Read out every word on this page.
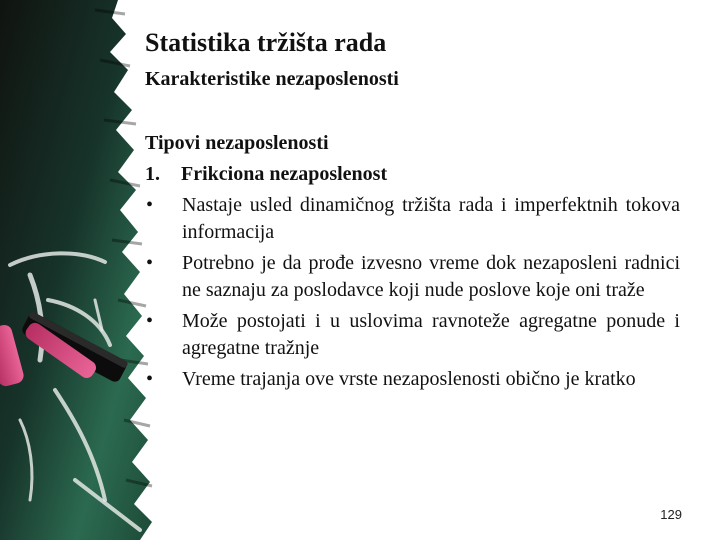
Statistika tržišta rada
Karakteristike nezaposlenosti
Tipovi nezaposlenosti
1.	Frikciona nezaposlenost
•	Nastaje usled dinamičnog tržišta rada i imperfektnih tokova informacija
•	Potrebno je da prođe izvesno vreme dok nezaposleni radnici ne saznaju za poslodavce koji nude poslove koje oni traže
•	Može postojati i u uslovima ravnoteže agregatne ponude i agregatne tražnje
•	Vreme trajanja ove vrste nezaposlenosti obično je kratko
129
